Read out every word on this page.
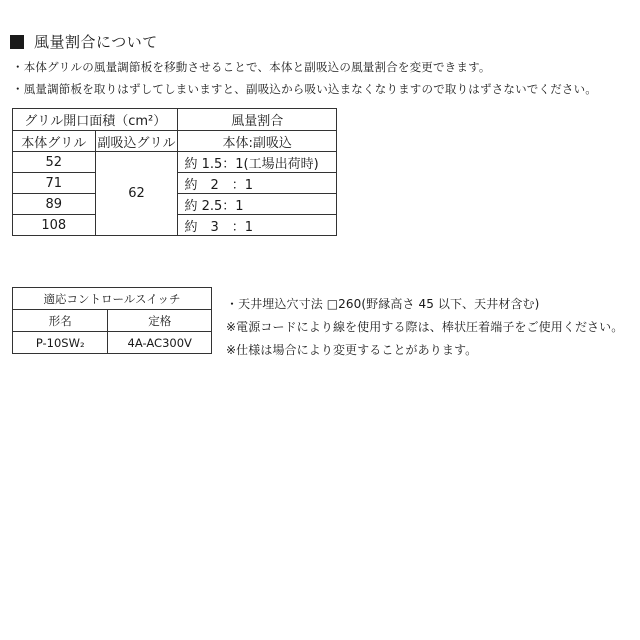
風量割合について
・本体グリルの風量調節板を移動させることで、本体と副吸込の風量割合を変更できます。
・風量調節板を取りはずしてしまいますと、副吸込から吸い込まなくなりますので取りはずさないでください。
グリル開口面積（cm²）		風量割合
本体グリル	副吸込グリル	本体:副吸込
52	62	約 1.5：1(工場出荷時)
71		約　2　：1
89		約 2.5：1
108		約　3　：1
適応コントロールスイッチ	
形名	定格
P-10SW₂	4A-AC300V
・天井埋込穴寸法 □260(野縁高さ 45 以下、天井材含む)
※電源コードにより線を使用する際は、棒状圧着端子をご使用ください。
※仕様は場合により変更することがあります。
